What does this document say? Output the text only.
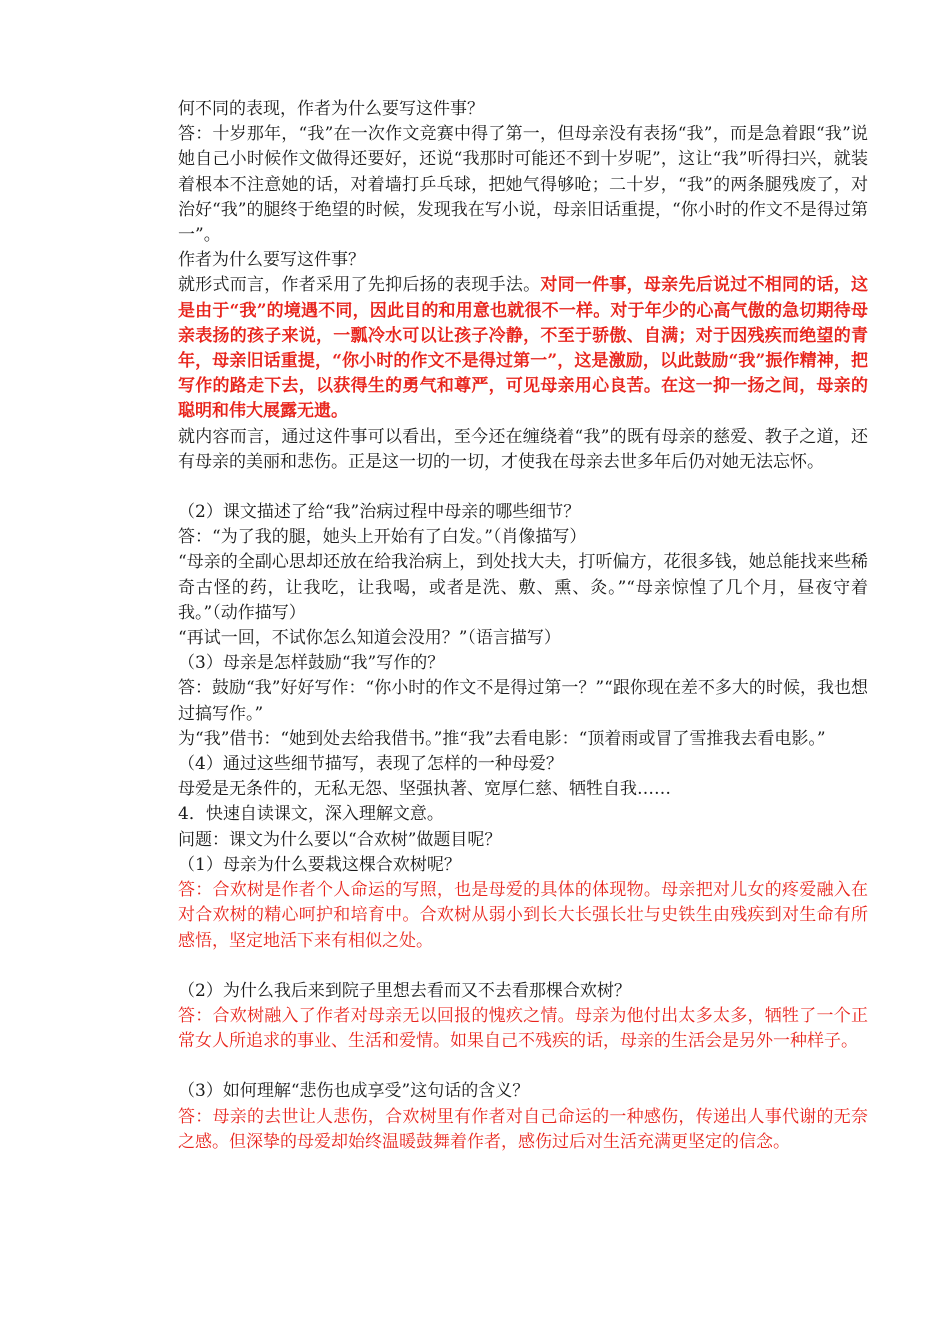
何不同的表现，作者为什么要写这件事？

答：十岁那年，“我”在一次作文竞赛中得了第一，但母亲没有表扬“我”，而是急着跟“我”说她自己小时候作文做得还要好，还说“我那时可能还不到十岁呢”，这让“我”听得扫兴，就装着根本不注意她的话，对着墙打乒乓球，把她气得够呛；二十岁，“我”的两条腿残废了，对治好“我”的腿终于绝望的时候，发现我在写小说，母亲旧话重提，“你小时的作文不是得过第一”。

作者为什么要写这件事？

就形式而言，作者采用了先抑后扬的表现手法。对同一件事，母亲先后说过不相同的话，这是由于“我”的境遇不同，因此目的和用意也就很不一样。对于年少的心高气傲的急切期待母亲表扬的孩子来说，一瓢冷水可以让孩子冷静，不至于骄傲、自满；对于因残疾而绝望的青年，母亲旧话重提，“你小时的作文不是得过第一”，这是激励，以此鼓励“我”振作精神，把写作的路走下去，以获得生的勇气和尊严，可见母亲用心良苦。在这一抑一扬之间，母亲的聪明和伟大展露无遗。

就内容而言，通过这件事可以看出，至今还在缠绕着“我”的既有母亲的慈爱、教子之道，还有母亲的美丽和悲伤。正是这一切的一切，才使我在母亲去世多年后仍对她无法忘怀。

（2）课文描述了给“我”治病过程中母亲的哪些细节？

答：“为了我的腿，她头上开始有了白发。”（肖像描写）

“母亲的全副心思却还放在给我治病上，到处找大夫，打听偏方，花很多钱，她总能找来些稀奇古怪的药，让我吃，让我喝，或者是洗、敷、熏、灸。”“母亲惊惶了几个月，昼夜守着我。”（动作描写）

“再试一回，不试你怎么知道会没用？”（语言描写）

（3）母亲是怎样鼓励“我”写作的？

答：鼓励“我”好好写作：“你小时的作文不是得过第一？”“跟你现在差不多大的时候，我也想过搞写作。”

为“我”借书：“她到处去给我借书。”推“我”去看电影：“顶着雨或冒了雪推我去看电影。”

（4）通过这些细节描写，表现了怎样的一种母爱？

母爱是无条件的，无私无怨、坚强执著、宽厚仁慈、牺牲自我……

4．快速自读课文，深入理解文意。

问题：课文为什么要以“合欢树”做题目呢？

（1）母亲为什么要栽这棵合欢树呢？

答：合欢树是作者个人命运的写照，也是母爱的具体的体现物。母亲把对儿女的疼爱融入在对合欢树的精心呵护和培育中。合欢树从弱小到长大长强长壮与史铁生由残疾到对生命有所感悟，坚定地活下来有相似之处。

（2）为什么我后来到院子里想去看而又不去看那棵合欢树？

答：合欢树融入了作者对母亲无以回报的愧疚之情。母亲为他付出太多太多，牺牲了一个正常女人所追求的事业、生活和爱情。如果自己不残疾的话，母亲的生活会是另外一种样子。

（3）如何理解“悲伤也成享受”这句话的含义？

答：母亲的去世让人悲伤，合欢树里有作者对自己命运的一种感伤，传递出人事代谢的无奈之感。但深挚的母爱却始终温暖鼓舞着作者，感伤过后对生活充满更坚定的信念。
